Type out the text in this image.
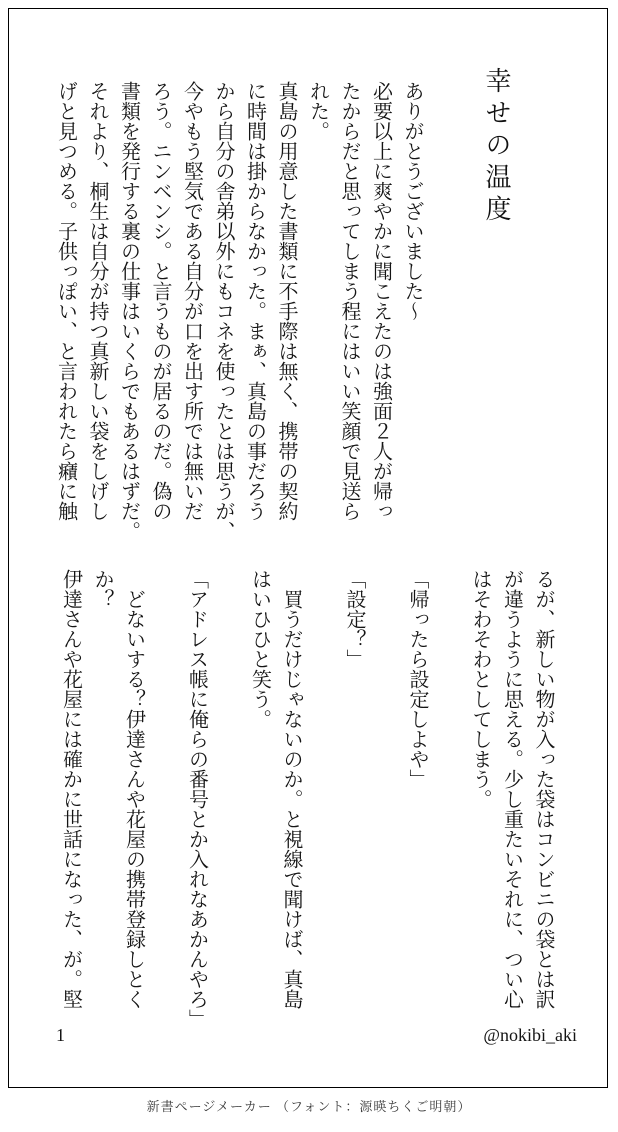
幸せの温度
ありがとうございました～
必要以上に爽やかに聞こえたのは強面２人が帰っ
たからだと思ってしまう程にはいい笑顔で見送ら
れた。
真島の用意した書類に不手際は無く、携帯の契約
に時間は掛からなかった。まぁ、真島の事だろう
から自分の舎弟以外にもコネを使ったとは思うが、
今やもう堅気である自分が口を出す所では無いだ
ろう。ニンベンシ。と言うものが居るのだ。偽の
書類を発行する裏の仕事はいくらでもあるはずだ。
それより、桐生は自分が持つ真新しい袋をしげし
げと見つめる。子供っぽい、と言われたら癪に触
るが、新しい物が入った袋はコンビニの袋とは訳
が違うように思える。少し重たいそれに、つい心
はそわそわとしてしまう。
「帰ったら設定しよや」
「設定？」
　買うだけじゃないのか。と視線で聞けば、真島
はいひひと笑う。
「アドレス帳に俺らの番号とか入れなあかんやろ」
　どないする？伊達さんや花屋の携帯登録しとく
か？
伊達さんや花屋には確かに世話になった、が。堅
1	@nokibi_aki
新書ページメーカー （フォント：源暎ちくご明朝）
